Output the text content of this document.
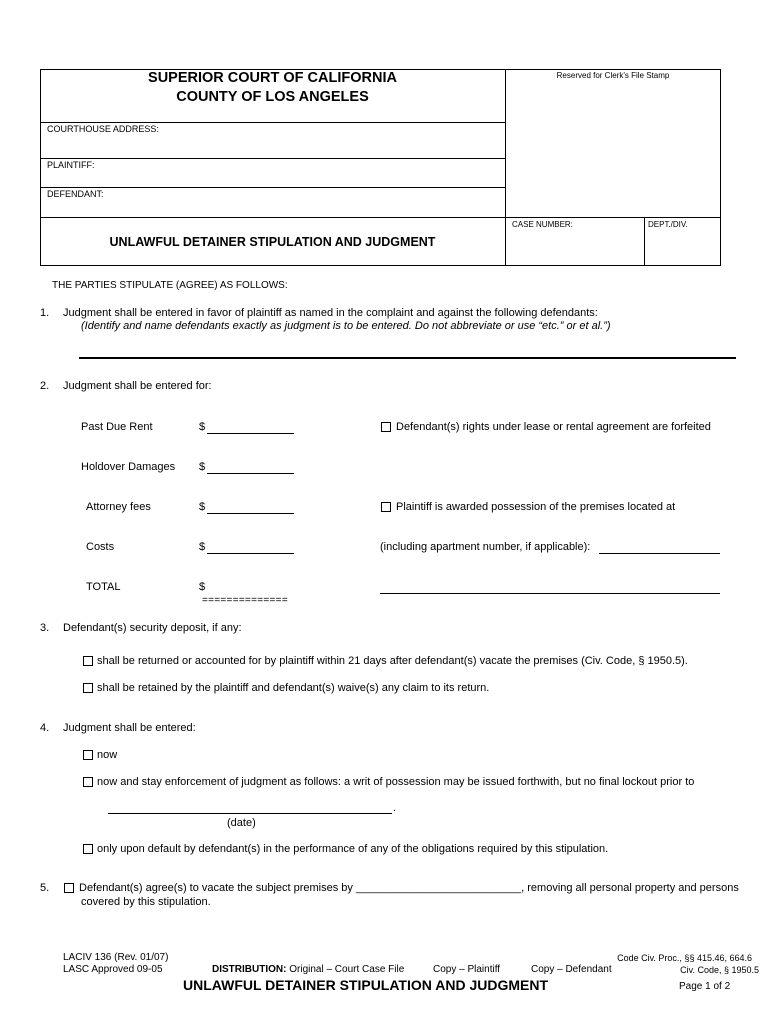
SUPERIOR COURT OF CALIFORNIA
COUNTY OF LOS ANGELES
Reserved for Clerk's File Stamp
COURTHOUSE ADDRESS:
PLAINTIFF:
DEFENDANT:
CASE NUMBER:	DEPT./DIV.
UNLAWFUL DETAINER STIPULATION AND JUDGMENT
THE PARTIES STIPULATE (AGREE) AS FOLLOWS:
1. Judgment shall be entered in favor of plaintiff as named in the complaint and against the following defendants:
(Identify and name defendants exactly as judgment is to be entered. Do not abbreviate or use “etc.” or et al.”)
2. Judgment shall be entered for:
Past Due Rent	$
Holdover Damages $
Attorney fees	$
Costs	$
TOTAL	$
==============
Defendant(s) rights under lease or rental agreement are forfeited
Plaintiff is awarded possession of the premises located at
(including apartment number, if applicable):
3. Defendant(s) security deposit, if any:
shall be returned or accounted for by plaintiff within 21 days after defendant(s) vacate the premises (Civ. Code, § 1950.5).
shall be retained by the plaintiff and defendant(s) waive(s) any claim to its return.
4. Judgment shall be entered:
now
now and stay enforcement of judgment as follows: a writ of possession may be issued forthwith, but no final lockout prior to
.
(date)
only upon default by defendant(s) in the performance of any of the obligations required by this stipulation.
5.	Defendant(s) agree(s) to vacate the subject premises by ___________________________, removing all personal property and persons
covered by this stipulation.
LACIV 136 (Rev. 01/07)
LASC Approved 09-05	DISTRIBUTION: Original – Court Case File	Copy – Plaintiff	Copy – Defendant
Code Civ. Proc., §§ 415.46, 664.6
Civ. Code, § 1950.5
UNLAWFUL DETAINER STIPULATION AND JUDGMENT	Page 1 of 2
